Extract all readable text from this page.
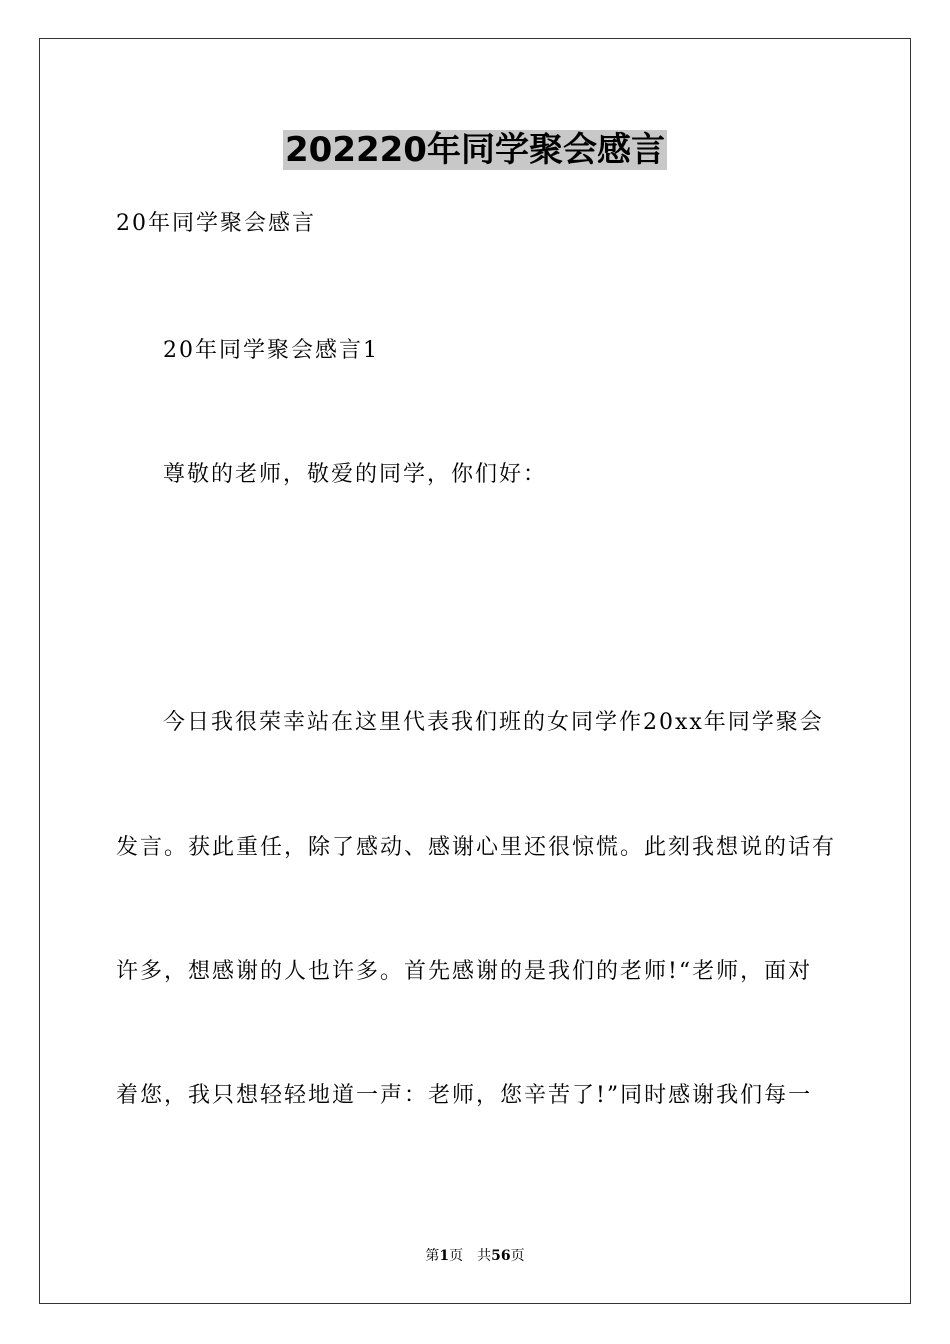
202220年同学聚会感言

20年同学聚会感言

20年同学聚会感言1

尊敬的老师，敬爱的同学，你们好：

今日我很荣幸站在这里代表我们班的女同学作20xx年同学聚会

发言。获此重任，除了感动、感谢心里还很惊慌。此刻我想说的话有

许多，想感谢的人也许多。首先感谢的是我们的老师!“老师，面对

着您，我只想轻轻地道一声：老师，您辛苦了!”同时感谢我们每一

第1页 共56页
